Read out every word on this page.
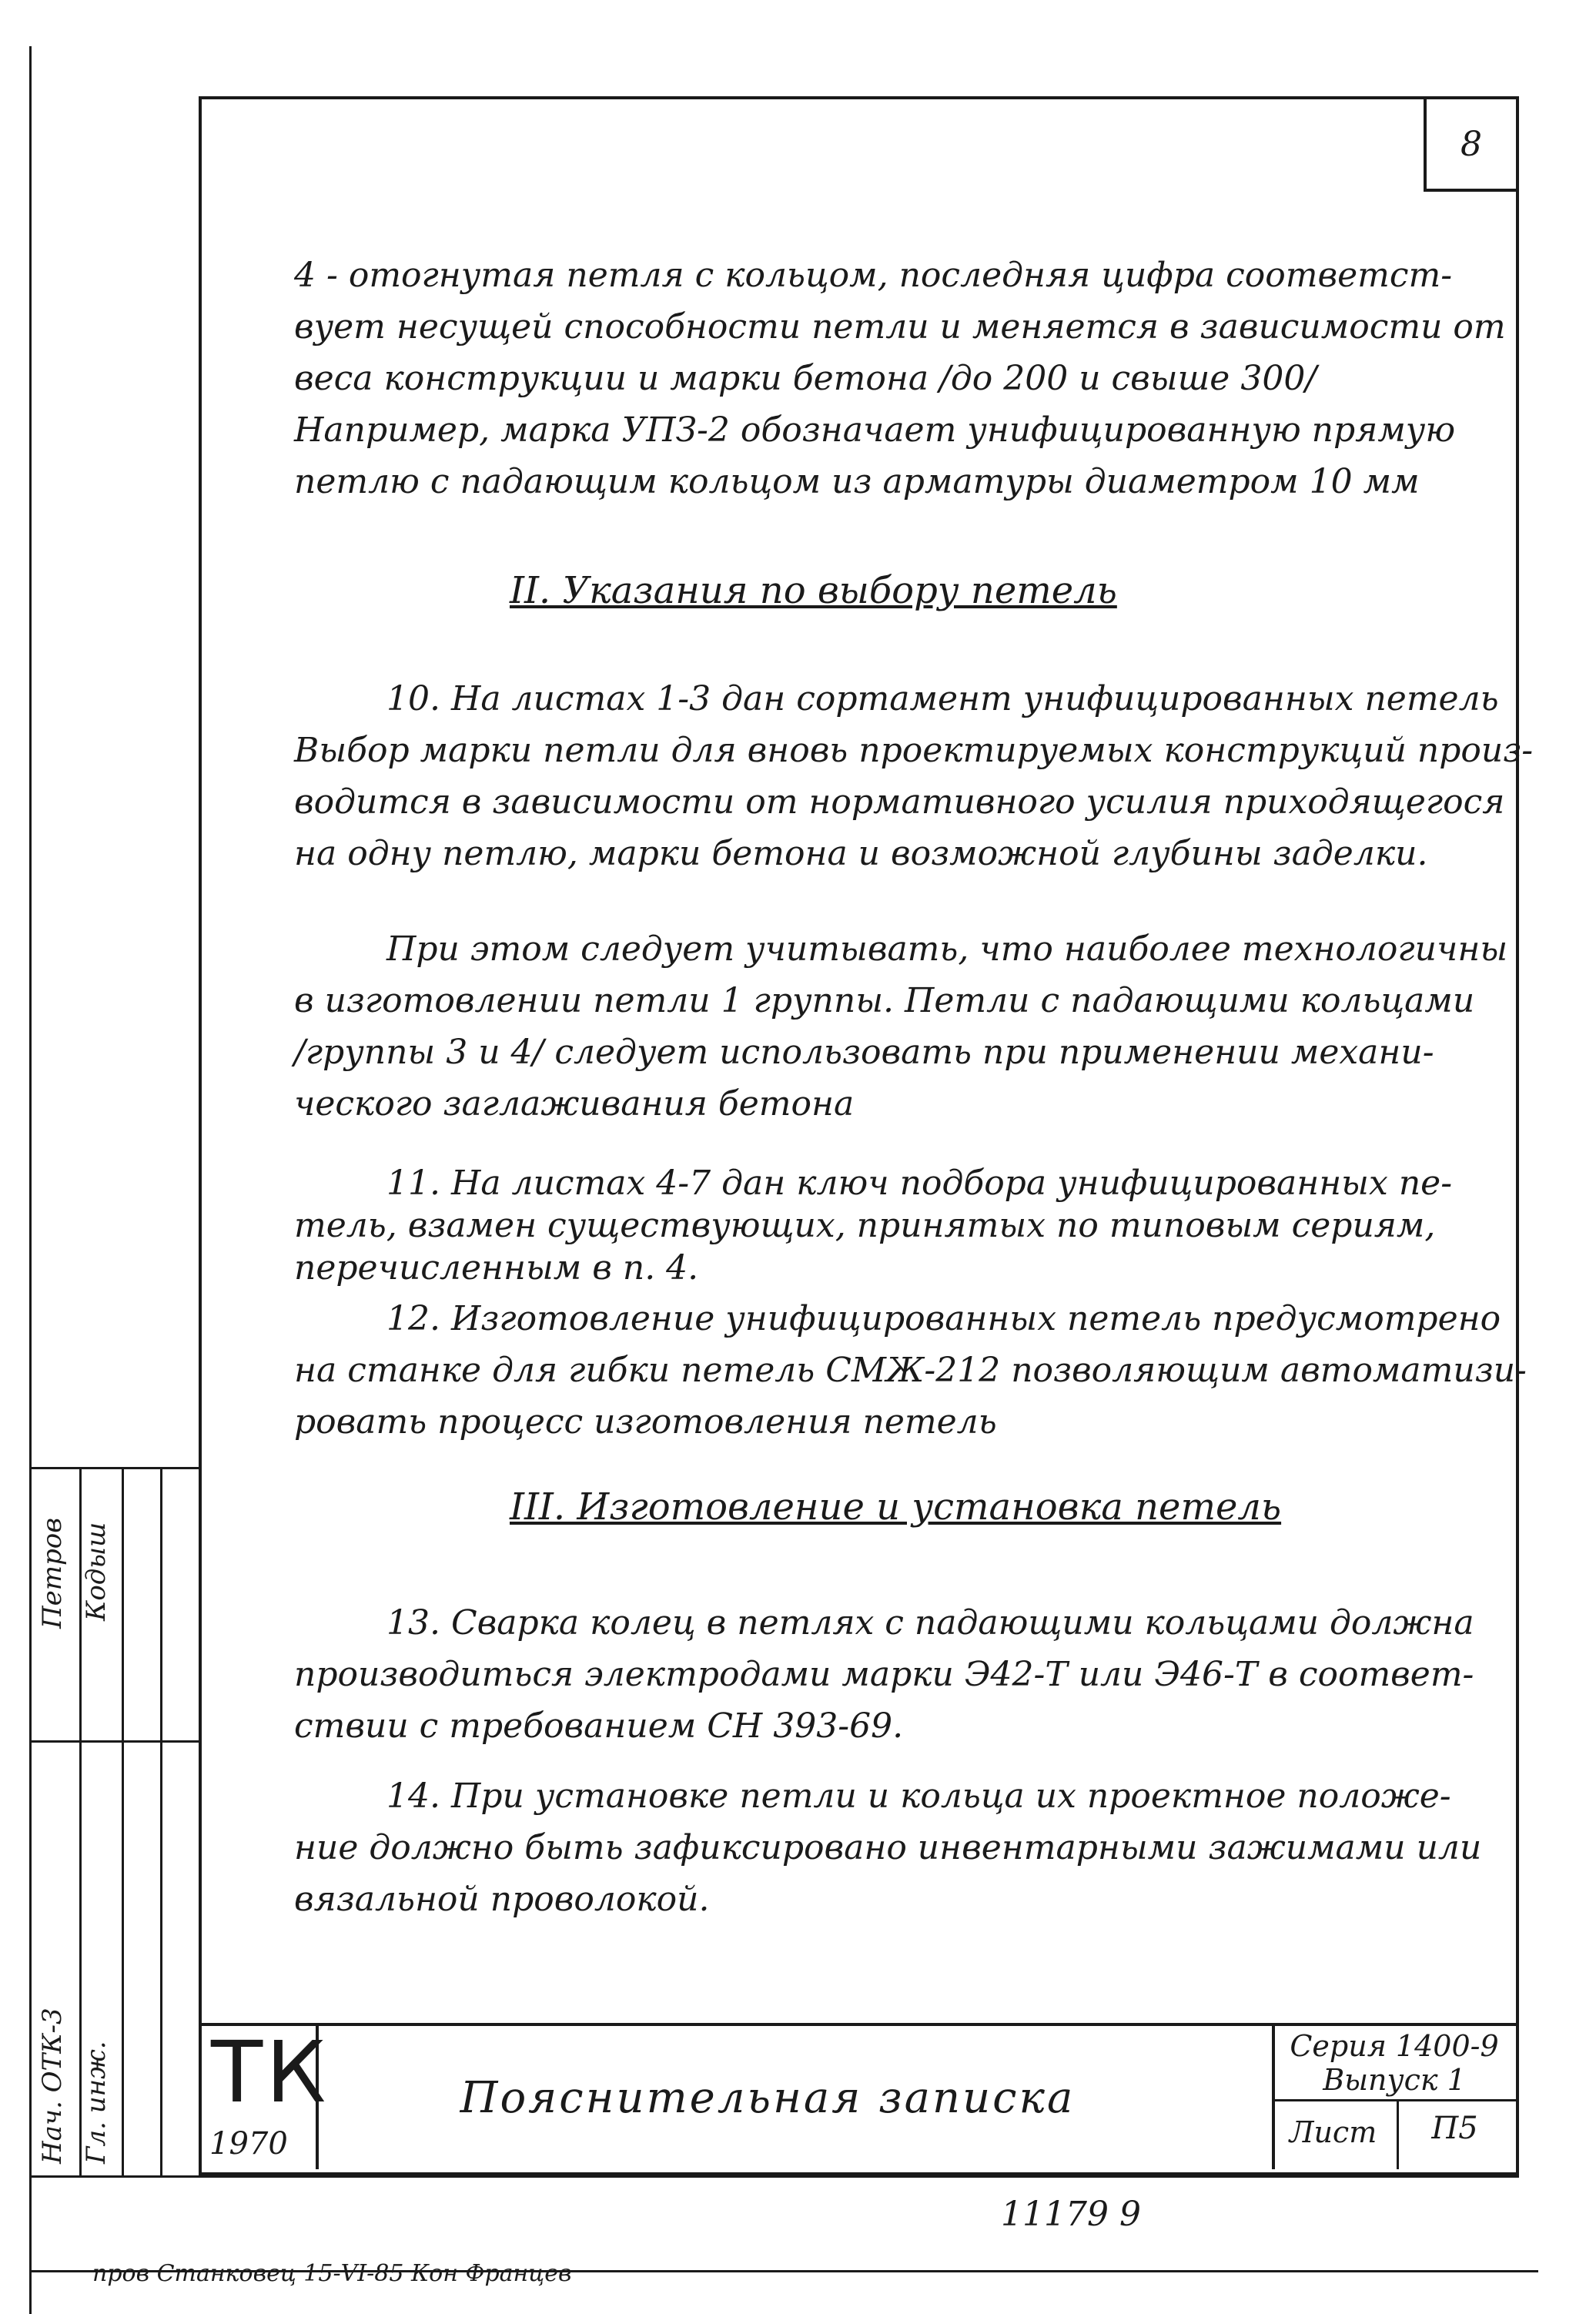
Петров Кодыш
Нач. ОТК-3 Гл. инж.
8
4 - отогнутая петля с кольцом, последняя цифра соответст-
вует несущей способности петли и меняется в зависимости от
веса конструкции и марки бетона /до 200 и свыше 300/
Например, марка УПЗ-2 обозначает унифицированную прямую
петлю с падающим кольцом из арматуры диаметром 10 мм
II. Указания по выбору петель
10. На листах 1-3 дан сортамент унифицированных петель
Выбор марки петли для вновь проектируемых конструкций произ-
водится в зависимости от нормативного усилия приходящегося
на одну петлю, марки бетона и возможной глубины заделки.
При этом следует учитывать, что наиболее технологичны
в изготовлении петли 1 группы. Петли с падающими кольцами
/группы 3 и 4/ следует использовать при применении механи-
ческого заглаживания бетона
11. На листах 4-7 дан ключ подбора унифицированных пе-
тель, взамен существующих, принятых по типовым сериям,
перечисленным в п. 4.
12. Изготовление унифицированных петель предусмотрено
на станке для гибки петель СМЖ-212 позволяющим автоматизи-
ровать процесс изготовления петель
III. Изготовление и установка петель
13. Сварка колец в петлях с падающими кольцами должна
производиться электродами марки Э42-Т или Э46-Т в соответ-
ствии с требованием СН 393-69.
14. При установке петли и кольца их проектное положе-
ние должно быть зафиксировано инвентарными зажимами или
вязальной проволокой.
ТК
1970
Пояснительная записка
Серия 1400-9
Выпуск 1
Лист	П5
11179 9
пров Станковец 15-VI-85 Кон Францев
